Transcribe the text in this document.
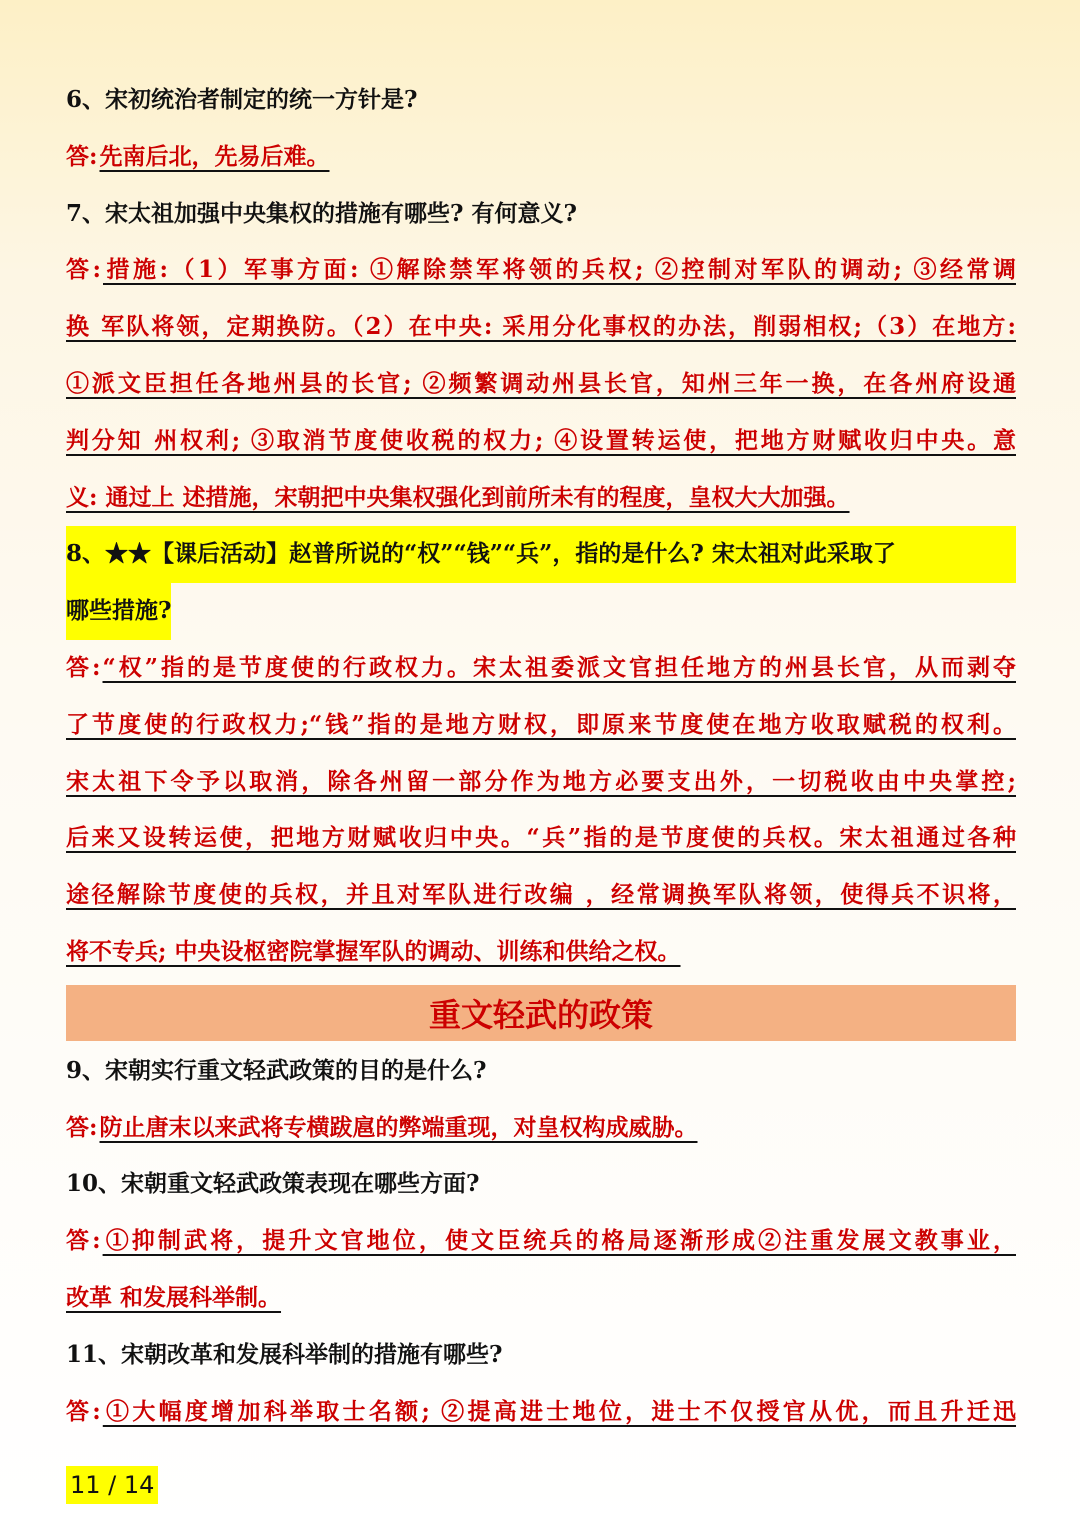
6、宋初统治者制定的统一方针是?
答:先南后北，先易后难。
7、宋太祖加强中央集权的措施有哪些? 有何意义?
答:措施:（1）军事方面: ①解除禁军将领的兵权; ②控制对军队的调动; ③经常调
换 军队将领，定期换防。（2）在中央: 采用分化事权的办法，削弱相权;（3）在地方:
①派文臣担任各地州县的长官; ②频繁调动州县长官，知州三年一换，在各州府设通
判分知 州权利; ③取消节度使收税的权力; ④设置转运使，把地方财赋收归中央。意
义: 通过上 述措施，宋朝把中央集权强化到前所未有的程度，皇权大大加强。
8、★★【课后活动】赵普所说的“权”“钱”“兵”，指的是什么? 宋太祖对此采取了
哪些措施?
答:“权”指的是节度使的行政权力。宋太祖委派文官担任地方的州县长官，从而剥夺
了节度使的行政权力;“钱”指的是地方财权，即原来节度使在地方收取赋税的权利。
宋太祖下令予以取消，除各州留一部分作为地方必要支出外，一切税收由中央掌控;
后来又设转运使，把地方财赋收归中央。“兵”指的是节度使的兵权。宋太祖通过各种
途径解除节度使的兵权，并且对军队进行改编 ，经常调换军队将领，使得兵不识将，
将不专兵; 中央设枢密院掌握军队的调动、训练和供给之权。
重文轻武的政策
9、宋朝实行重文轻武政策的目的是什么?
答:防止唐末以来武将专横跋扈的弊端重现，对皇权构成威胁。
10、宋朝重文轻武政策表现在哪些方面?
答:①抑制武将，提升文官地位，使文臣统兵的格局逐渐形成②注重发展文教事业，
改革 和发展科举制。
11、宋朝改革和发展科举制的措施有哪些?
答:①大幅度增加科举取士名额; ②提高进士地位，进士不仅授官从优，而且升迁迅
11 / 14
